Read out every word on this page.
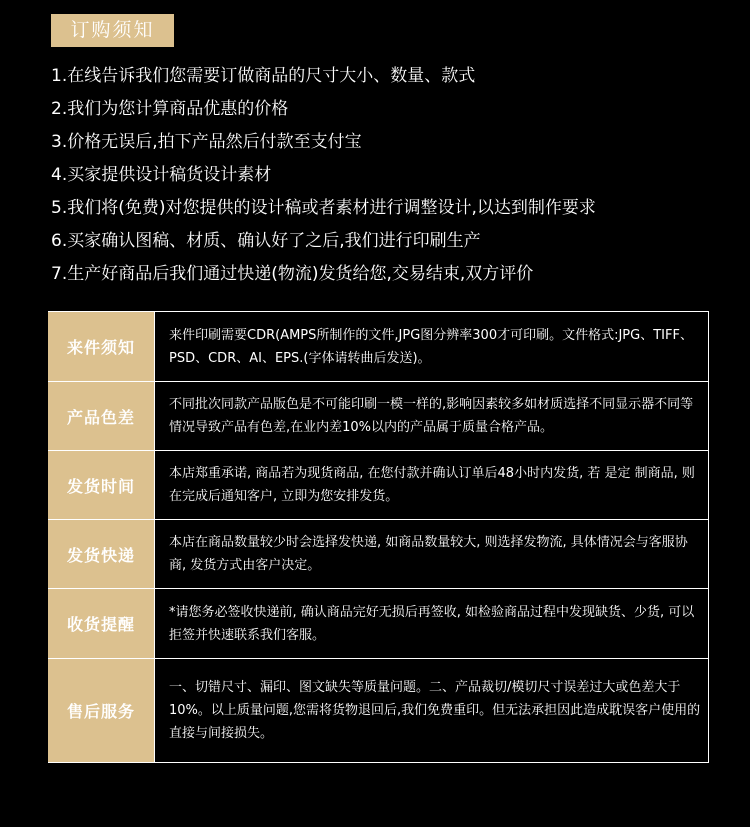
订购须知
1.在线告诉我们您需要订做商品的尺寸大小、数量、款式
2.我们为您计算商品优惠的价格
3.价格无误后,拍下产品然后付款至支付宝
4.买家提供设计稿货设计素材
5.我们将(免费)对您提供的设计稿或者素材进行调整设计,以达到制作要求
6.买家确认图稿、材质、确认好了之后,我们进行印刷生产
7.生产好商品后我们通过快递(物流)发货给您,交易结束,双方评价
来件须知
来件印刷需要CDR(AMPS所制作的文件,JPG图分辨率300才可印刷。文件格式:JPG、TIFF、PSD、CDR、AI、EPS.(字体请转曲后发送)。
产品色差
不同批次同款产品版色是不可能印刷一模一样的,影响因素较多如材质选择不同显示器不同等情况导致产品有色差,在业内差10%以内的产品属于质量合格产品。
发货时间
本店郑重承诺, 商品若为现货商品, 在您付款并确认订单后48小时内发货, 若 是定 制商品, 则在完成后通知客户, 立即为您安排发货。
发货快递
本店在商品数量较少时会选择发快递, 如商品数量较大, 则选择发物流, 具体情况会与客服协商, 发货方式由客户决定。
收货提醒
*请您务必签收快递前, 确认商品完好无损后再签收, 如检验商品过程中发现缺货、少货, 可以拒签并快速联系我们客服。
售后服务
一、切错尺寸、漏印、图文缺失等质量问题。二、产品裁切/模切尺寸误差过大或色差大于10%。以上质量问题,您需将货物退回后,我们免费重印。但无法承担因此造成耽误客户使用的直接与间接损失。
